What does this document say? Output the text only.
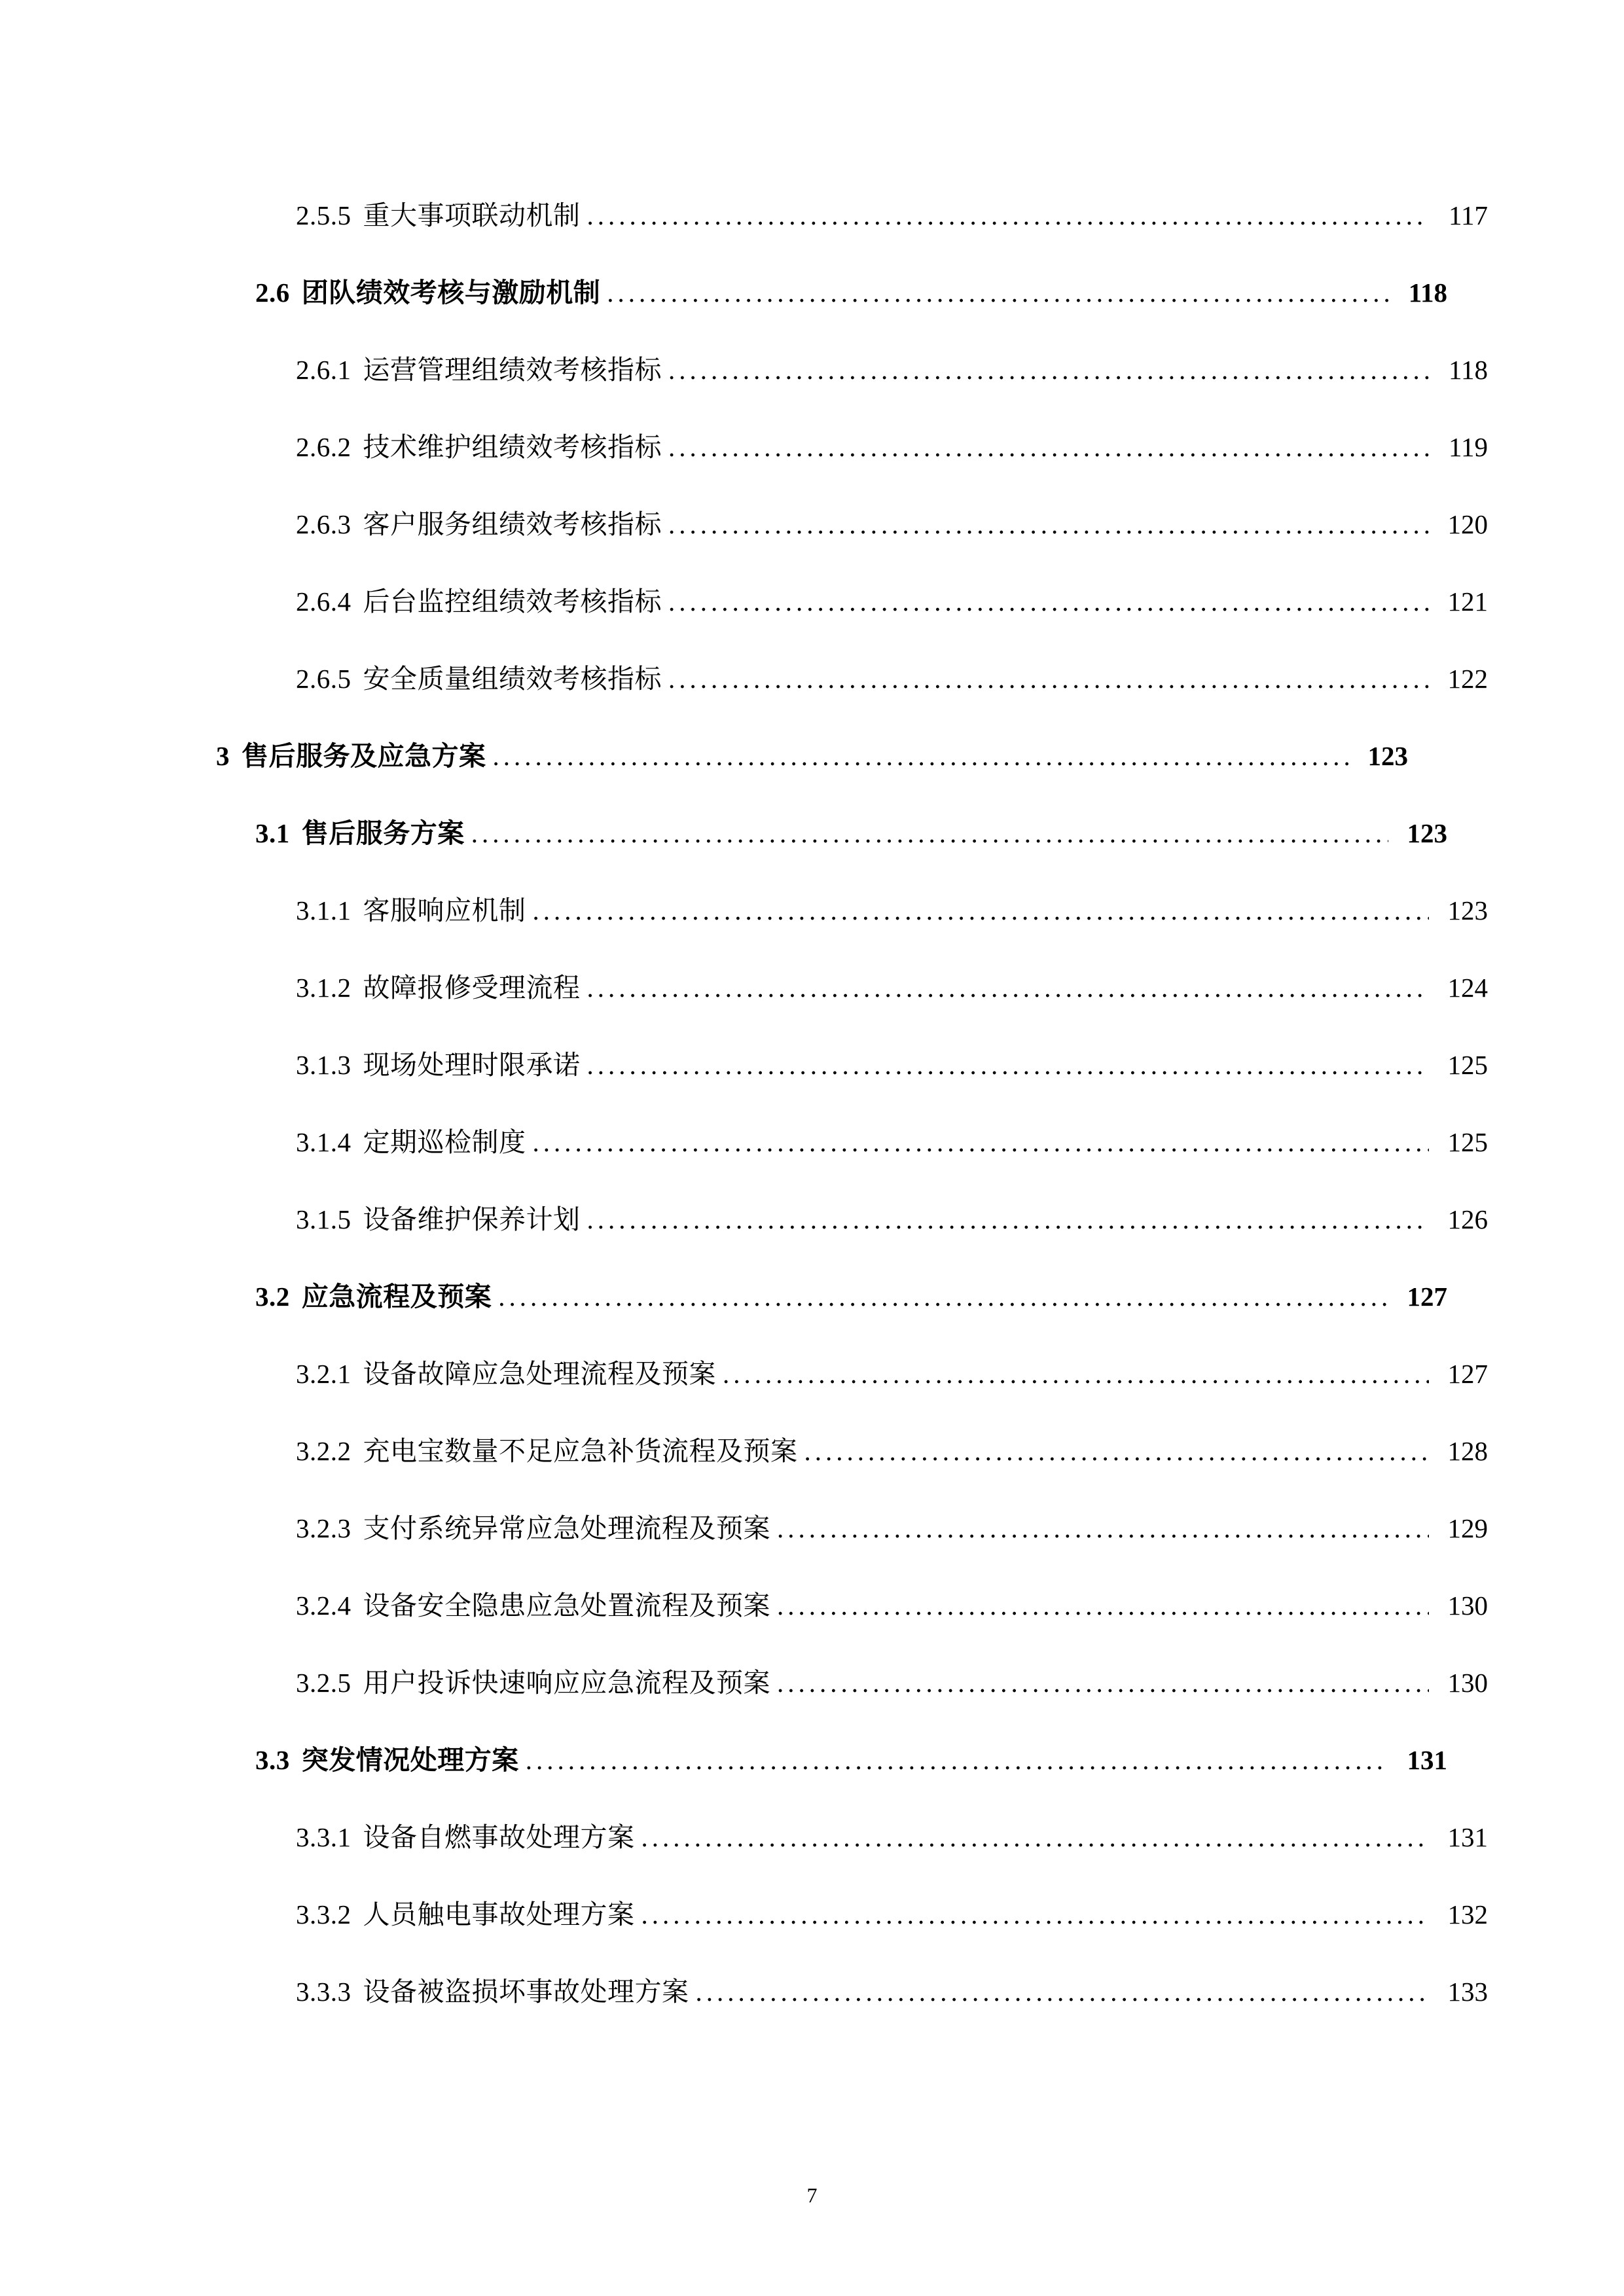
2.5.5 重大事项联动机制 .....	117
2.6 团队绩效考核与激励机制 .....	118
2.6.1 运营管理组绩效考核指标 .....	118
2.6.2 技术维护组绩效考核指标 .....	119
2.6.3 客户服务组绩效考核指标 .....	120
2.6.4 后台监控组绩效考核指标 .....	121
2.6.5 安全质量组绩效考核指标 .....	122
3 售后服务及应急方案 .....	123
3.1 售后服务方案 .....	123
3.1.1 客服响应机制 .....	123
3.1.2 故障报修受理流程 .....	124
3.1.3 现场处理时限承诺 .....	125
3.1.4 定期巡检制度 .....	125
3.1.5 设备维护保养计划 .....	126
3.2 应急流程及预案 .....	127
3.2.1 设备故障应急处理流程及预案 .....	127
3.2.2 充电宝数量不足应急补货流程及预案 .....	128
3.2.3 支付系统异常应急处理流程及预案 .....	129
3.2.4 设备安全隐患应急处置流程及预案 .....	130
3.2.5 用户投诉快速响应应急流程及预案 .....	130
3.3 突发情况处理方案 .....	131
3.3.1 设备自燃事故处理方案 .....	131
3.3.2 人员触电事故处理方案 .....	132
3.3.3 设备被盗损坏事故处理方案 .....	133
7
